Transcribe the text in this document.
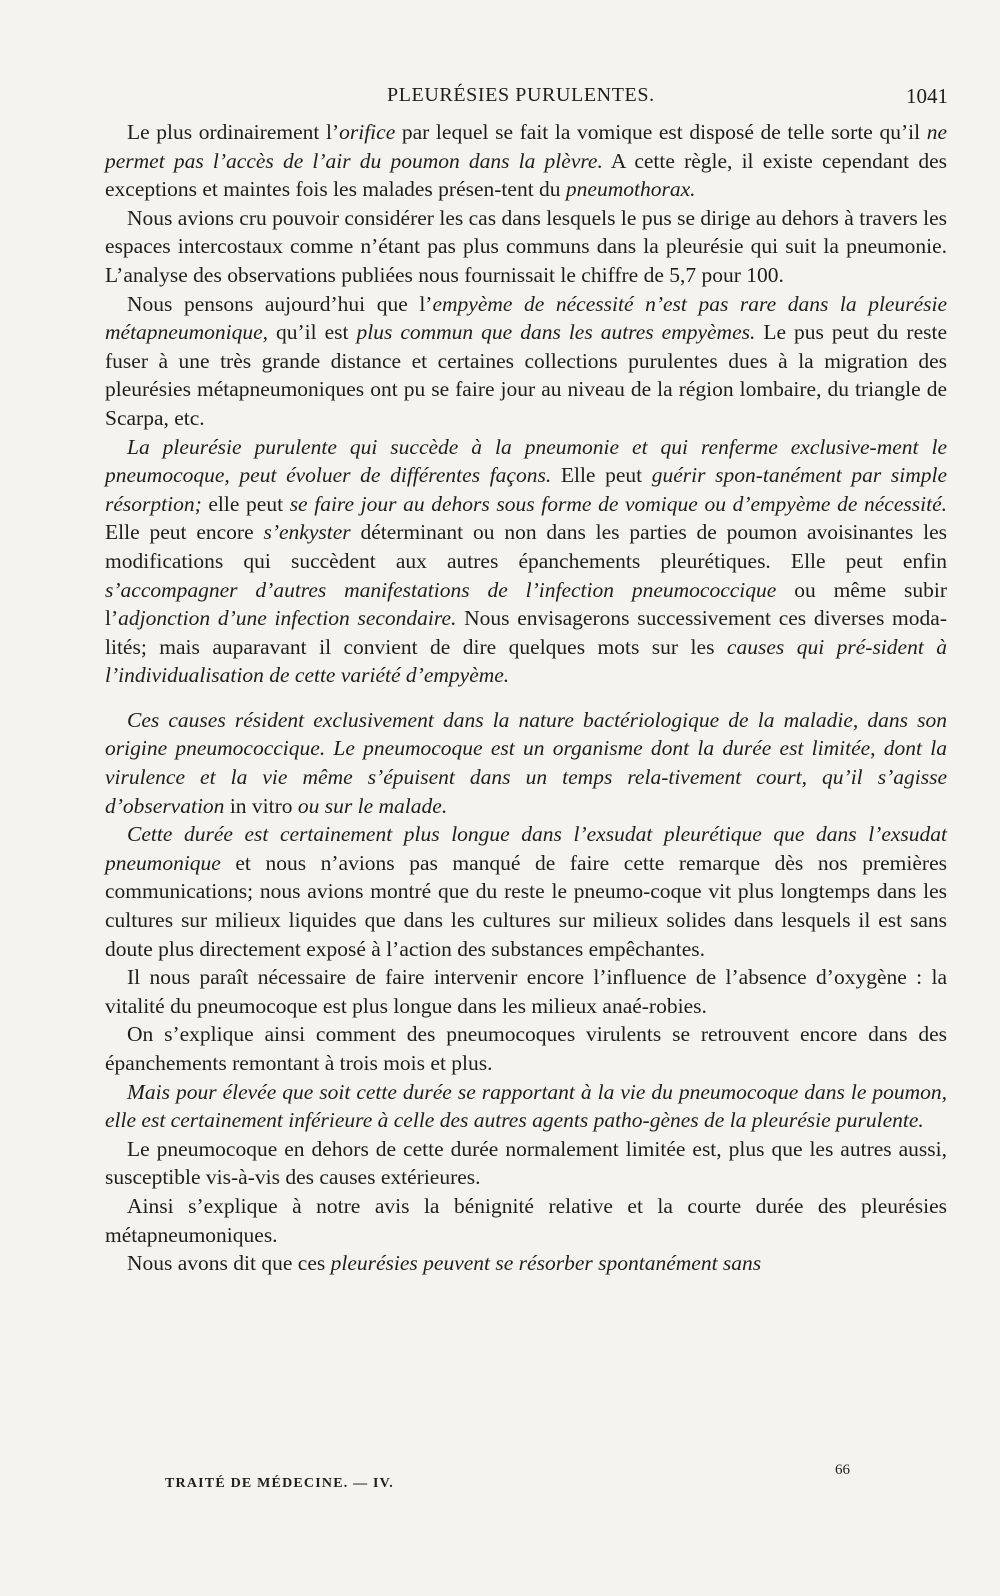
PLEURÉSIES PURULENTES.	1041

Le plus ordinairement l’orifice par lequel se fait la vomique est disposé de telle sorte qu’il ne permet pas l’accès de l’air du poumon dans la plèvre. A cette règle, il existe cependant des exceptions et maintes fois les malades présen-tent du pneumothorax.

Nous avions cru pouvoir considérer les cas dans lesquels le pus se dirige au dehors à travers les espaces intercostaux comme n’étant pas plus communs dans la pleurésie qui suit la pneumonie. L’analyse des observations publiées nous fournissait le chiffre de 5,7 pour 100.

Nous pensons aujourd’hui que l’empyème de nécessité n’est pas rare dans la pleurésie métapneumonique, qu’il est plus commun que dans les autres empyèmes. Le pus peut du reste fuser à une très grande distance et certaines collections purulentes dues à la migration des pleurésies métapneumoniques ont pu se faire jour au niveau de la région lombaire, du triangle de Scarpa, etc.

La pleurésie purulente qui succède à la pneumonie et qui renferme exclusive-ment le pneumocoque, peut évoluer de différentes façons. Elle peut guérir spon-tanément par simple résorption; elle peut se faire jour au dehors sous forme de vomique ou d’empyème de nécessité. Elle peut encore s’enkyster déterminant ou non dans les parties de poumon avoisinantes les modifications qui succèdent aux autres épanchements pleurétiques. Elle peut enfin s’accompagner d’autres manifestations de l’infection pneumococcique ou même subir l’adjonction d’une infection secondaire. Nous envisagerons successivement ces diverses moda-lités; mais auparavant il convient de dire quelques mots sur les causes qui pré-sident à l’individualisation de cette variété d’empyème.

Ces causes résident exclusivement dans la nature bactériologique de la maladie, dans son origine pneumococcique. Le pneumocoque est un organisme dont la durée est limitée, dont la virulence et la vie même s’épuisent dans un temps rela-tivement court, qu’il s’agisse d’observation in vitro ou sur le malade.

Cette durée est certainement plus longue dans l’exsudat pleurétique que dans l’exsudat pneumonique et nous n’avions pas manqué de faire cette remarque dès nos premières communications; nous avions montré que du reste le pneumo-coque vit plus longtemps dans les cultures sur milieux liquides que dans les cultures sur milieux solides dans lesquels il est sans doute plus directement exposé à l’action des substances empêchantes.

Il nous paraît nécessaire de faire intervenir encore l’influence de l’absence d’oxygène : la vitalité du pneumocoque est plus longue dans les milieux anaé-robies.

On s’explique ainsi comment des pneumocoques virulents se retrouvent encore dans des épanchements remontant à trois mois et plus.

Mais pour élevée que soit cette durée se rapportant à la vie du pneumocoque dans le poumon, elle est certainement inférieure à celle des autres agents patho-gènes de la pleurésie purulente.

Le pneumocoque en dehors de cette durée normalement limitée est, plus que les autres aussi, susceptible vis-à-vis des causes extérieures.

Ainsi s’explique à notre avis la bénignité relative et la courte durée des pleurésies métapneumoniques.

Nous avons dit que ces pleurésies peuvent se résorber spontanément sans

TRAITÉ DE MÉDECINE. — IV.
66
